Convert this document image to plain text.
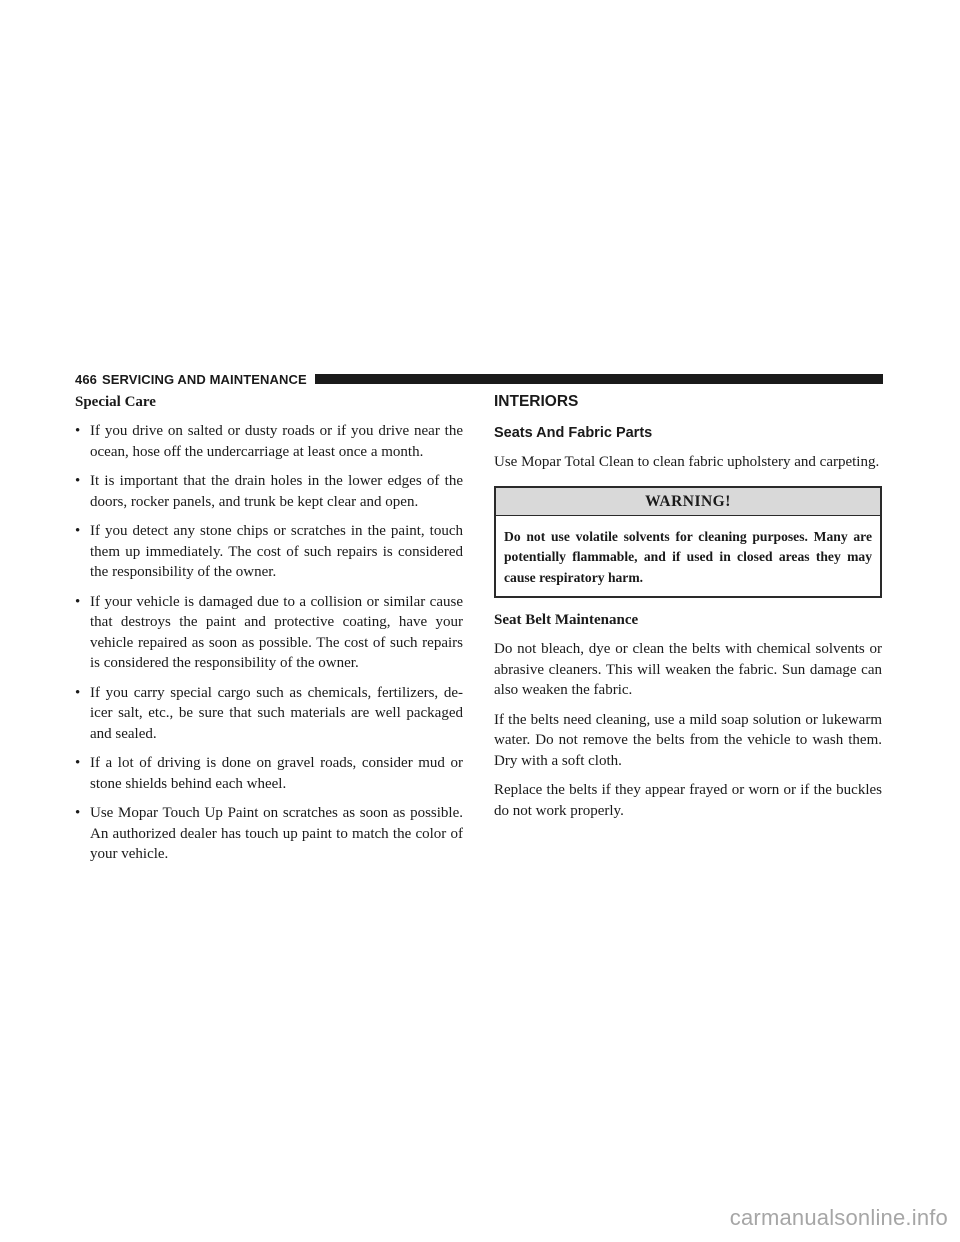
466 SERVICING AND MAINTENANCE
Special Care
• If you drive on salted or dusty roads or if you drive near the ocean, hose off the undercarriage at least once a month.
• It is important that the drain holes in the lower edges of the doors, rocker panels, and trunk be kept clear and open.
• If you detect any stone chips or scratches in the paint, touch them up immediately. The cost of such repairs is considered the responsibility of the owner.
• If your vehicle is damaged due to a collision or similar cause that destroys the paint and protective coating, have your vehicle repaired as soon as possible. The cost of such repairs is considered the responsibility of the owner.
• If you carry special cargo such as chemicals, fertilizers, de-icer salt, etc., be sure that such materials are well packaged and sealed.
• If a lot of driving is done on gravel roads, consider mud or stone shields behind each wheel.
• Use Mopar Touch Up Paint on scratches as soon as possible. An authorized dealer has touch up paint to match the color of your vehicle.
INTERIORS
Seats And Fabric Parts

Use Mopar Total Clean to clean fabric upholstery and carpeting.

WARNING!
Do not use volatile solvents for cleaning purposes. Many are potentially flammable, and if used in closed areas they may cause respiratory harm.
Seat Belt Maintenance

Do not bleach, dye or clean the belts with chemical solvents or abrasive cleaners. This will weaken the fabric. Sun damage can also weaken the fabric.

If the belts need cleaning, use a mild soap solution or lukewarm water. Do not remove the belts from the vehicle to wash them. Dry with a soft cloth.

Replace the belts if they appear frayed or worn or if the buckles do not work properly.

carmanualsonline.info
